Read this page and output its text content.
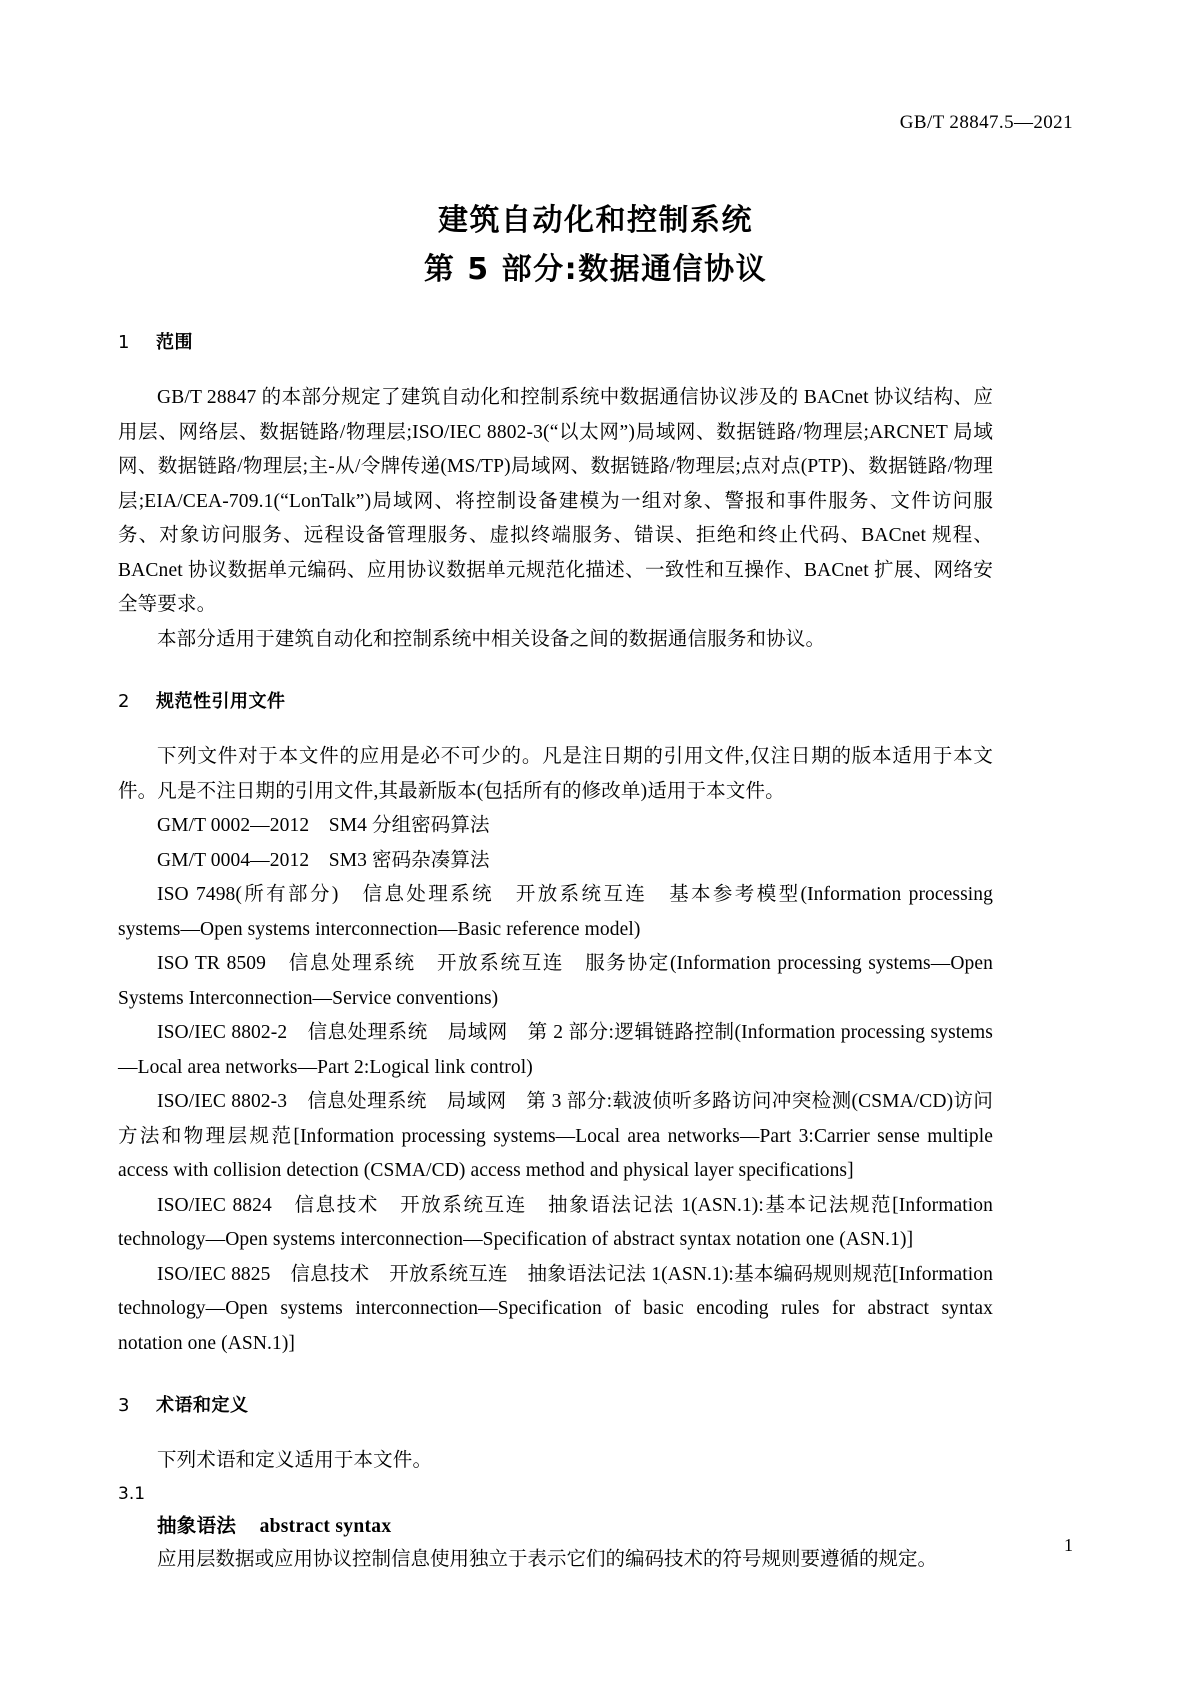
GB/T 28847.5—2021
建筑自动化和控制系统
第 5 部分:数据通信协议
1 范围

GB/T 28847 的本部分规定了建筑自动化和控制系统中数据通信协议涉及的 BACnet 协议结构、应用层、网络层、数据链路/物理层;ISO/IEC 8802-3(“以太网”)局域网、数据链路/物理层;ARCNET 局域网、数据链路/物理层;主-从/令牌传递(MS/TP)局域网、数据链路/物理层;点对点(PTP)、数据链路/物理层;EIA/CEA-709.1(“LonTalk”)局域网、将控制设备建模为一组对象、警报和事件服务、文件访问服务、对象访问服务、远程设备管理服务、虚拟终端服务、错误、拒绝和终止代码、BACnet 规程、BACnet 协议数据单元编码、应用协议数据单元规范化描述、一致性和互操作、BACnet 扩展、网络安全等要求。

本部分适用于建筑自动化和控制系统中相关设备之间的数据通信服务和协议。

2 规范性引用文件

下列文件对于本文件的应用是必不可少的。凡是注日期的引用文件,仅注日期的版本适用于本文件。凡是不注日期的引用文件,其最新版本(包括所有的修改单)适用于本文件。

GM/T 0002—2012　SM4 分组密码算法

GM/T 0004—2012　SM3 密码杂凑算法

ISO 7498(所有部分)　信息处理系统　开放系统互连　基本参考模型(Information processing systems—Open systems interconnection—Basic reference model)

ISO TR 8509　信息处理系统　开放系统互连　服务协定(Information processing systems—Open Systems Interconnection—Service conventions)

ISO/IEC 8802-2　信息处理系统　局域网　第 2 部分:逻辑链路控制(Information processing systems—Local area networks—Part 2:Logical link control)

ISO/IEC 8802-3　信息处理系统　局域网　第 3 部分:载波侦听多路访问冲突检测(CSMA/CD)访问方法和物理层规范[Information processing systems—Local area networks—Part 3:Carrier sense multiple access with collision detection (CSMA/CD) access method and physical layer specifications]

ISO/IEC 8824　信息技术　开放系统互连　抽象语法记法 1(ASN.1):基本记法规范[Information technology—Open systems interconnection—Specification of abstract syntax notation one (ASN.1)]

ISO/IEC 8825　信息技术　开放系统互连　抽象语法记法 1(ASN.1):基本编码规则规范[Information technology—Open systems interconnection—Specification of basic encoding rules for abstract syntax notation one (ASN.1)]

3 术语和定义

下列术语和定义适用于本文件。

3.1

抽象语法 abstract syntax

应用层数据或应用协议控制信息使用独立于表示它们的编码技术的符号规则要遵循的规定。

1
